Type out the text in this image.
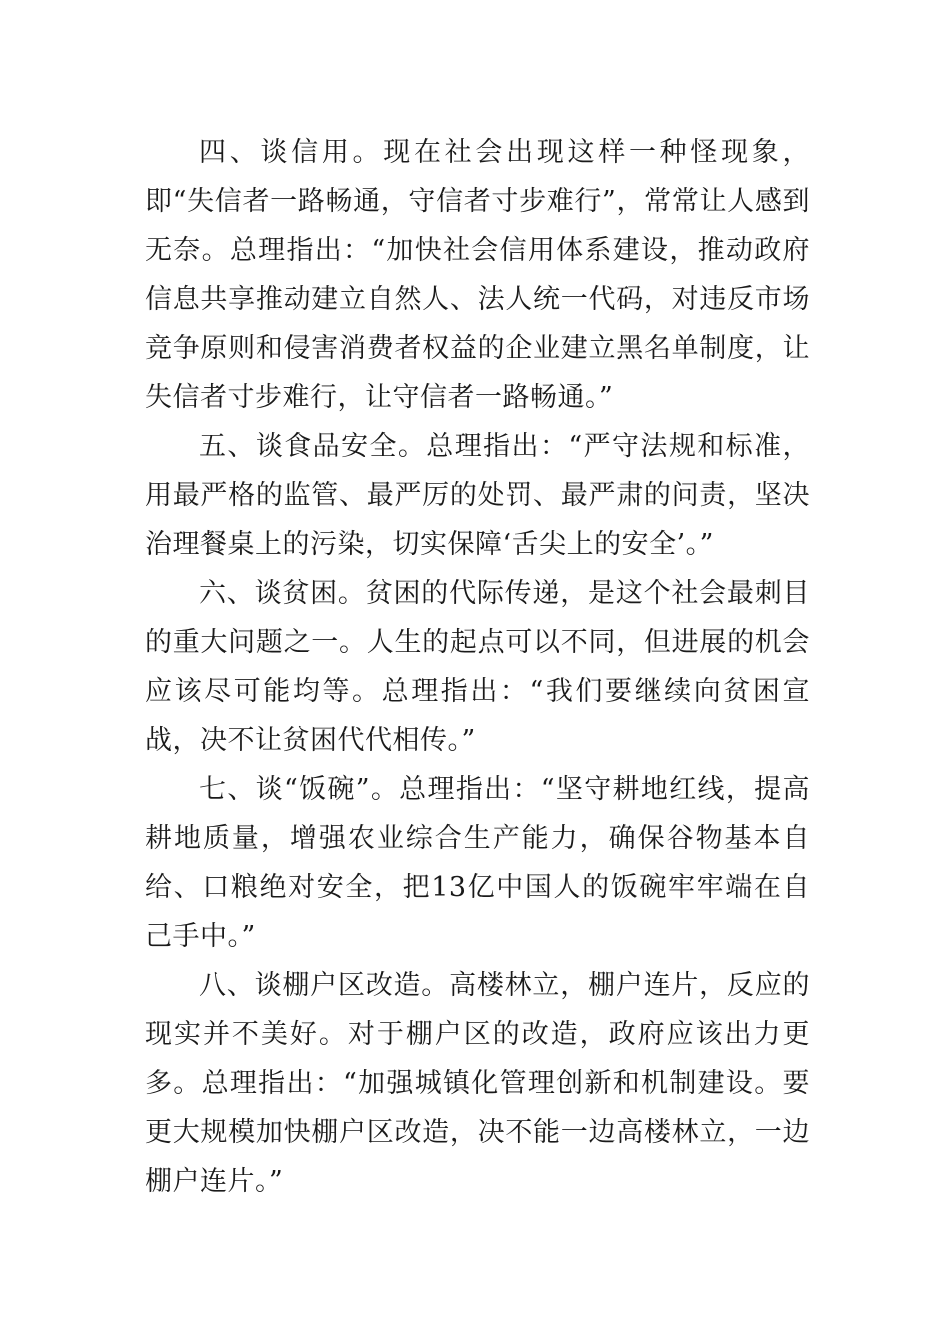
四、谈信用。现在社会出现这样一种怪现象，即“失信者一路畅通，守信者寸步难行”，常常让人感到无奈。总理指出：“加快社会信用体系建设，推动政府信息共享推动建立自然人、法人统一代码，对违反市场竞争原则和侵害消费者权益的企业建立黑名单制度，让失信者寸步难行，让守信者一路畅通。”

五、谈食品安全。总理指出：“严守法规和标准，用最严格的监管、最严厉的处罚、最严肃的问责，坚决治理餐桌上的污染，切实保障‘舌尖上的安全’。”

六、谈贫困。贫困的代际传递，是这个社会最刺目的重大问题之一。人生的起点可以不同，但进展的机会应该尽可能均等。总理指出：“我们要继续向贫困宣战，决不让贫困代代相传。”

七、谈“饭碗”。总理指出：“坚守耕地红线，提高耕地质量，增强农业综合生产能力，确保谷物基本自给、口粮绝对安全，把13亿中国人的饭碗牢牢端在自己手中。”

八、谈棚户区改造。高楼林立，棚户连片，反应的现实并不美好。对于棚户区的改造，政府应该出力更多。总理指出：“加强城镇化管理创新和机制建设。要更大规模加快棚户区改造，决不能一边高楼林立，一边棚户连片。”
